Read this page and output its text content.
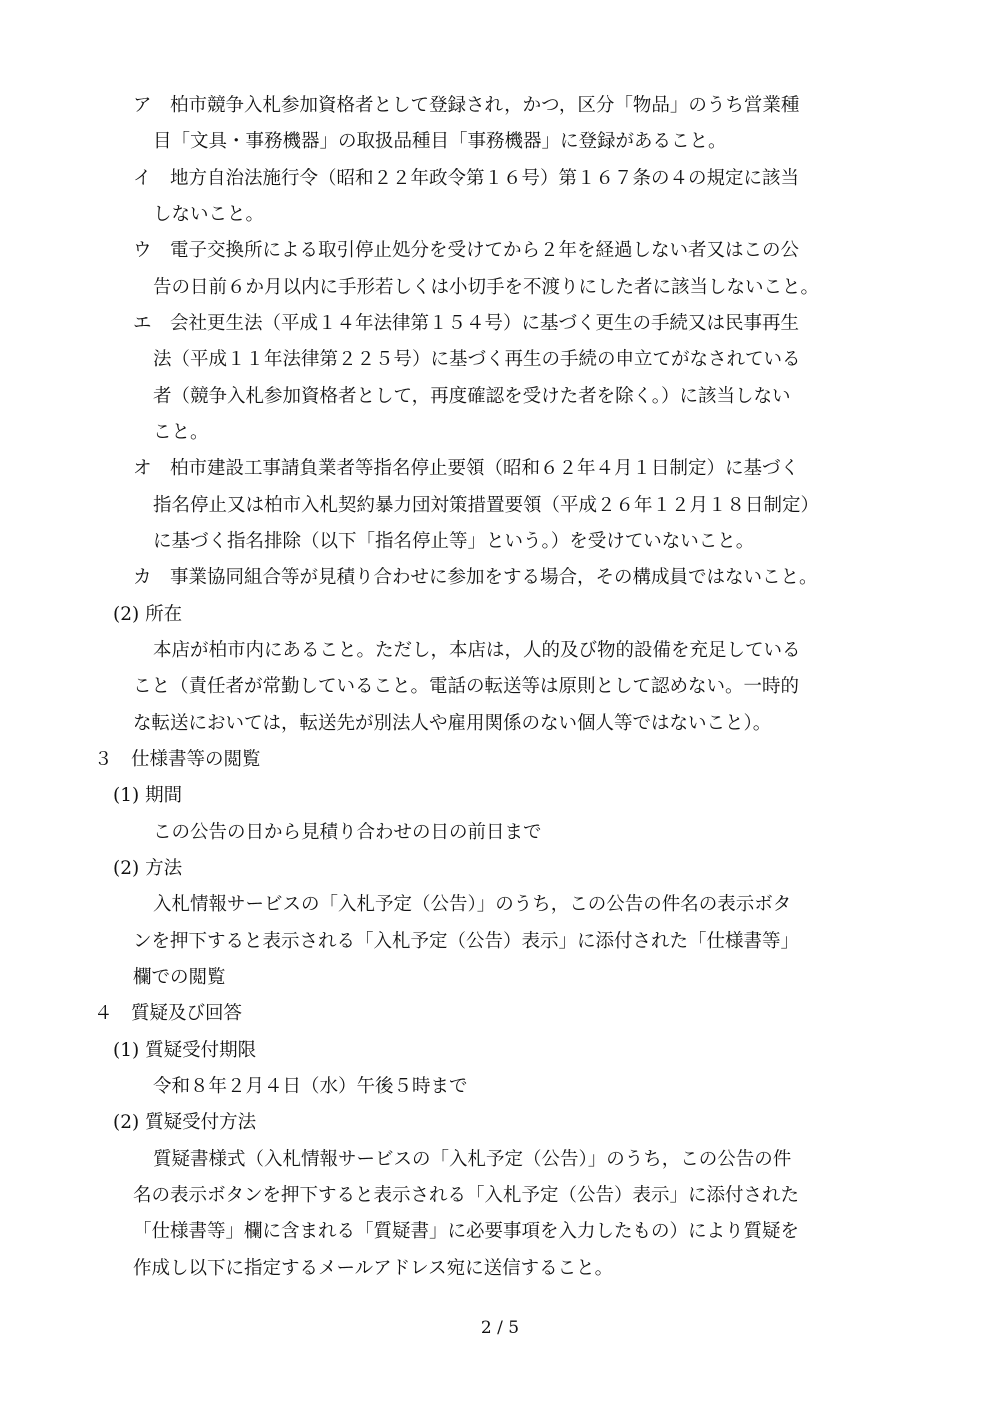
ア　柏市競争入札参加資格者として登録され，かつ，区分「物品」のうち営業種
目「文具・事務機器」の取扱品種目「事務機器」に登録があること。
イ　地方自治法施行令（昭和２２年政令第１６号）第１６７条の４の規定に該当
しないこと。
ウ　電子交換所による取引停止処分を受けてから２年を経過しない者又はこの公
告の日前６か月以内に手形若しくは小切手を不渡りにした者に該当しないこと。
エ　会社更生法（平成１４年法律第１５４号）に基づく更生の手続又は民事再生
法（平成１１年法律第２２５号）に基づく再生の手続の申立てがなされている
者（競争入札参加資格者として，再度確認を受けた者を除く。）に該当しない
こと。
オ　柏市建設工事請負業者等指名停止要領（昭和６２年４月１日制定）に基づく
指名停止又は柏市入札契約暴力団対策措置要領（平成２６年１２月１８日制定）
に基づく指名排除（以下「指名停止等」という。）を受けていないこと。
カ　事業協同組合等が見積り合わせに参加をする場合，その構成員ではないこと。
(2) 所在
本店が柏市内にあること。ただし，本店は，人的及び物的設備を充足している
こと（責任者が常勤していること。電話の転送等は原則として認めない。一時的
な転送においては，転送先が別法人や雇用関係のない個人等ではないこと）。
３　仕様書等の閲覧
(1) 期間
この公告の日から見積り合わせの日の前日まで
(2) 方法
入札情報サービスの「入札予定（公告）」のうち，この公告の件名の表示ボタ
ンを押下すると表示される「入札予定（公告）表示」に添付された「仕様書等」
欄での閲覧
４　質疑及び回答
(1) 質疑受付期限
令和８年２月４日（水）午後５時まで
(2) 質疑受付方法
質疑書様式（入札情報サービスの「入札予定（公告）」のうち，この公告の件
名の表示ボタンを押下すると表示される「入札予定（公告）表示」に添付された
「仕様書等」欄に含まれる「質疑書」に必要事項を入力したもの）により質疑を
作成し以下に指定するメールアドレス宛に送信すること。
2 / 5
